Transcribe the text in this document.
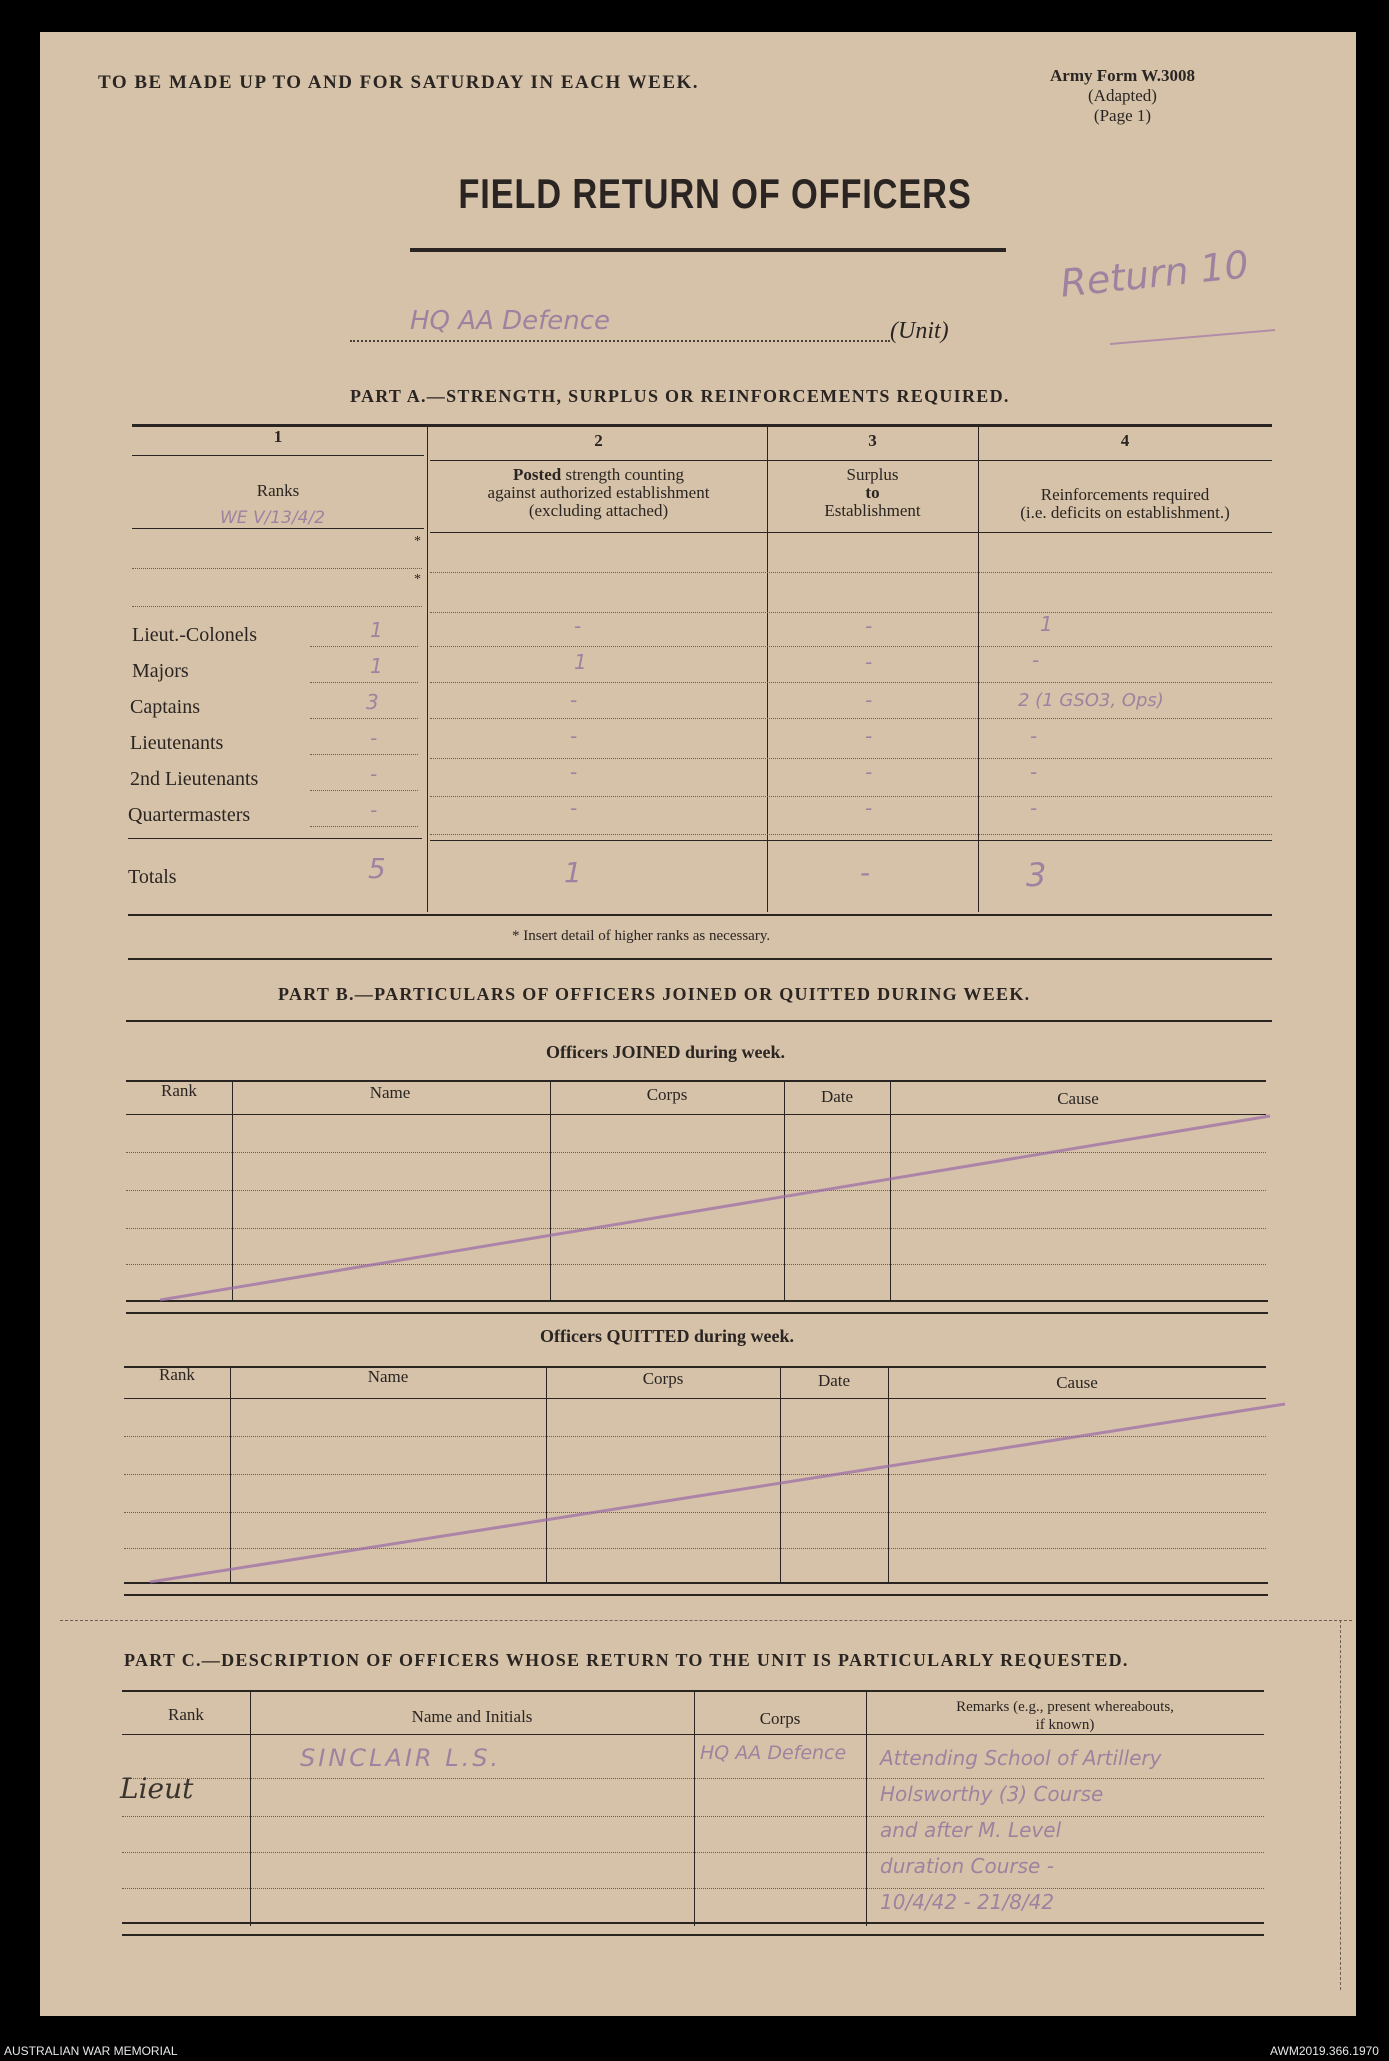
TO BE MADE UP TO AND FOR SATURDAY IN EACH WEEK.	Army Form W.3008
(Adapted)
(Page 1)
FIELD RETURN OF OFFICERS
HQ AA Defence	(Unit)
Return 10
PART A.—STRENGTH, SURPLUS OR REINFORCEMENTS REQUIRED.
1	2	3	4
Ranks
WE V/13/4/2
Posted strength counting
against authorized establishment
(excluding attached)
Surplus
to
Establishment
Reinforcements required
(i.e. deficits on establishment.)
*
*
Lieut.-Colonels	1	-	-	1
Majors	1	1	-	-
Captains	3	-	-	2 (1 GSO3, Ops)
Lieutenants	-	-	-	-
2nd Lieutenants	-	-	-	-
Quartermasters	-	-	-	-
Totals	5	1	-	3
* Insert detail of higher ranks as necessary.
PART B.—PARTICULARS OF OFFICERS JOINED OR QUITTED DURING WEEK.
Officers JOINED during week.
Rank	Name	Corps	Date	Cause
Officers QUITTED during week.
Rank	Name	Corps	Date	Cause
PART C.—DESCRIPTION OF OFFICERS WHOSE RETURN TO THE UNIT IS PARTICULARLY REQUESTED.
Rank	Name and Initials	Corps
Remarks (e.g., present whereabouts,
if known)
Lieut
SINCLAIR L.S.	HQ AA Defence	Attending School of Artillery
Holsworthy (3) Course
and after M. Level
duration Course -
10/4/42 - 21/8/42
AUSTRALIAN WAR MEMORIAL	AWM2019.366.1970
